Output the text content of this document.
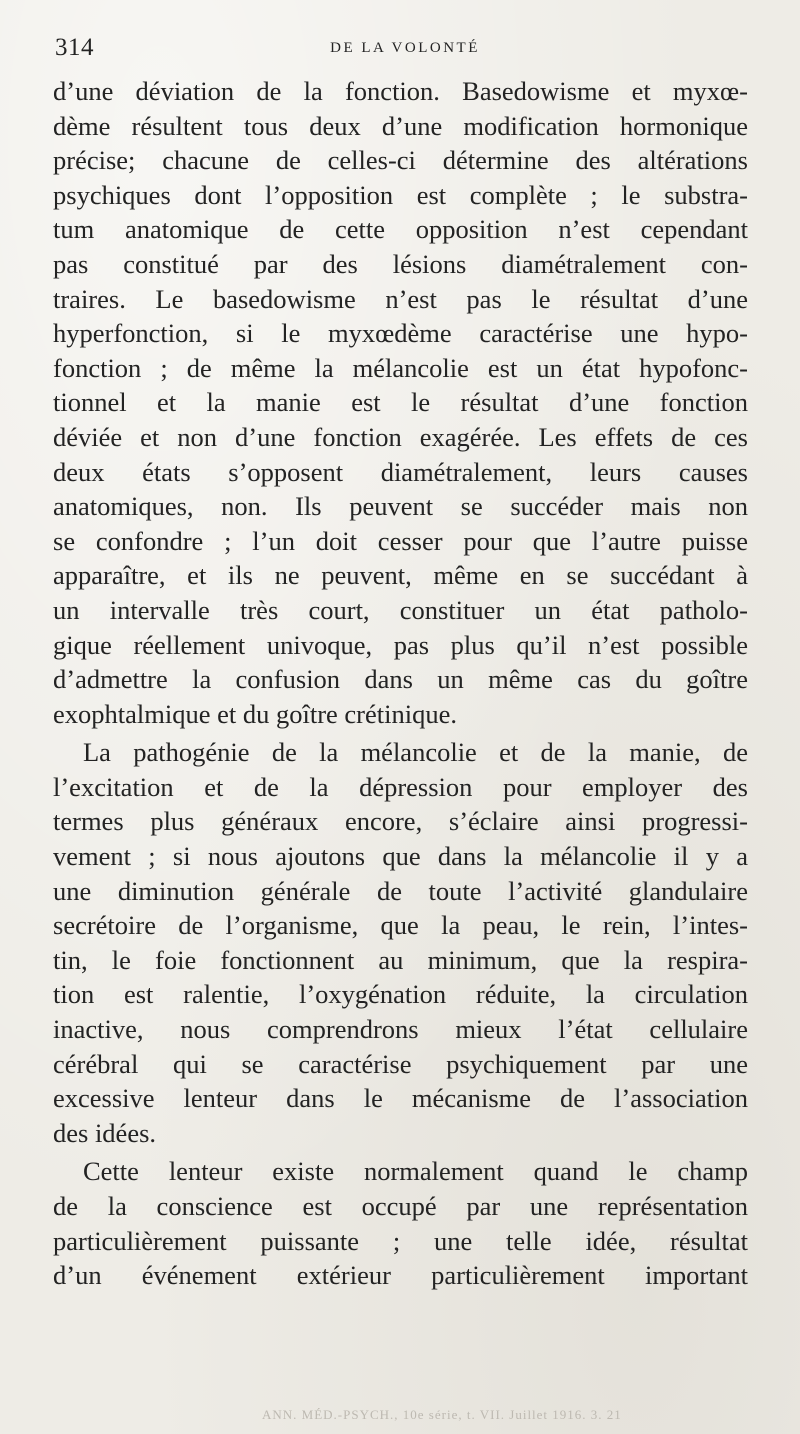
314	DE LA VOLONTÉ
d’une déviation de la fonction. Basedowisme et myxœ-
dème résultent tous deux d’une modification hormonique
précise; chacune de celles-ci détermine des altérations
psychiques dont l’opposition est complète ; le substra-
tum anatomique de cette opposition n’est cependant
pas constitué par des lésions diamétralement con-
traires. Le basedowisme n’est pas le résultat d’une
hyperfonction, si le myxœdème caractérise une hypo-
fonction ; de même la mélancolie est un état hypofonc-
tionnel et la manie est le résultat d’une fonction
déviée et non d’une fonction exagérée. Les effets de ces
deux états s’opposent diamétralement, leurs causes
anatomiques, non. Ils peuvent se succéder mais non
se confondre ; l’un doit cesser pour que l’autre puisse
apparaître, et ils ne peuvent, même en se succédant à
un intervalle très court, constituer un état patholo-
gique réellement univoque, pas plus qu’il n’est possible
d’admettre la confusion dans un même cas du goître
exophtalmique et du goître crétinique.
La pathogénie de la mélancolie et de la manie, de
l’excitation et de la dépression pour employer des
termes plus généraux encore, s’éclaire ainsi progressi-
vement ; si nous ajoutons que dans la mélancolie il y a
une diminution générale de toute l’activité glandulaire
secrétoire de l’organisme, que la peau, le rein, l’intes-
tin, le foie fonctionnent au minimum, que la respira-
tion est ralentie, l’oxygénation réduite, la circulation
inactive, nous comprendrons mieux l’état cellulaire
cérébral qui se caractérise psychiquement par une
excessive lenteur dans le mécanisme de l’association
des idées.
Cette lenteur existe normalement quand le champ
de la conscience est occupé par une représentation
particulièrement puissante ; une telle idée, résultat
d’un événement extérieur particulièrement important
ANN. MÉD.-PSYCH., 10e série, t. VII. Juillet 1916. 3. 21
